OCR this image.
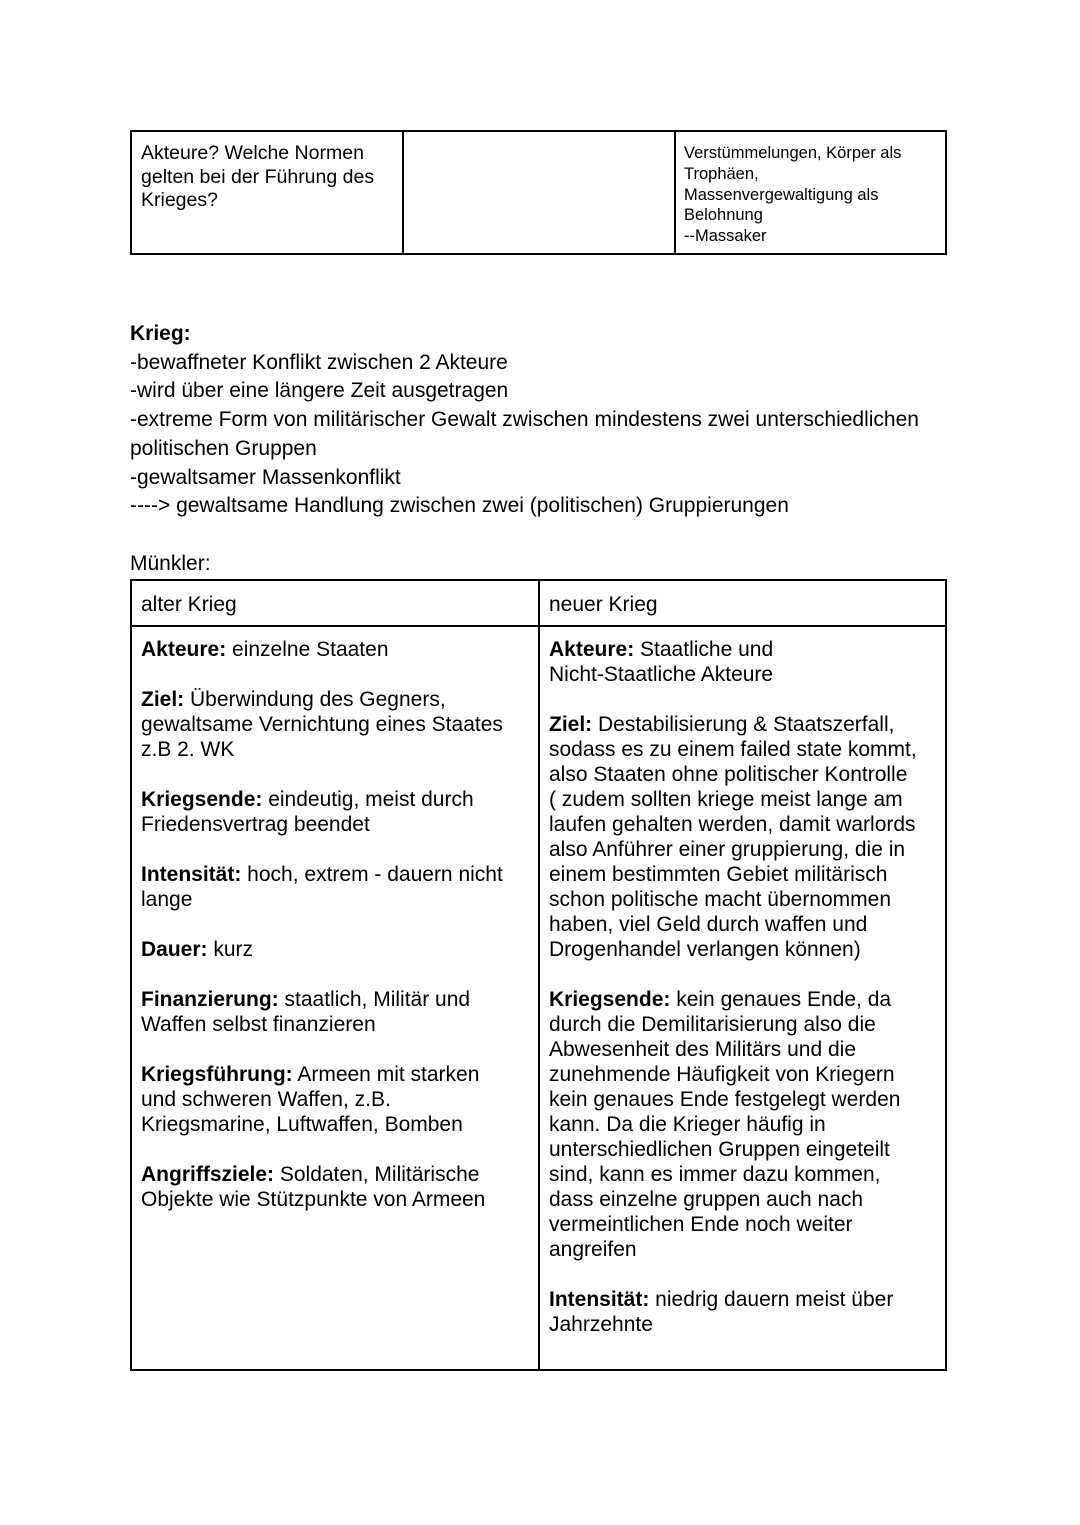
Akteure? Welche Normen
gelten bei der Führung des
Krieges?
Verstümmelungen, Körper als
Trophäen,
Massenvergewaltigung als
Belohnung
--Massaker
Krieg:
-bewaffneter Konflikt zwischen 2 Akteure
-wird über eine längere Zeit ausgetragen
-extreme Form von militärischer Gewalt zwischen mindestens zwei unterschiedlichen
politischen Gruppen
-gewaltsamer Massenkonflikt
----> gewaltsame Handlung zwischen zwei (politischen) Gruppierungen
Münkler:
alter Krieg	neuer Krieg
Akteure: einzelne Staaten
Ziel: Überwindung des Gegners,
gewaltsame Vernichtung eines Staates
z.B 2. WK
Kriegsende: eindeutig, meist durch
Friedensvertrag beendet
Intensität: hoch, extrem - dauern nicht
lange
Dauer: kurz
Finanzierung: staatlich, Militär und
Waffen selbst finanzieren
Kriegsführung: Armeen mit starken
und schweren Waffen, z.B.
Kriegsmarine, Luftwaffen, Bomben
Angriffsziele: Soldaten, Militärische
Objekte wie Stützpunkte von Armeen
Akteure: Staatliche und
Nicht-Staatliche Akteure
Ziel: Destabilisierung & Staatszerfall,
sodass es zu einem failed state kommt,
also Staaten ohne politischer Kontrolle
( zudem sollten kriege meist lange am
laufen gehalten werden, damit warlords
also Anführer einer gruppierung, die in
einem bestimmten Gebiet militärisch
schon politische macht übernommen
haben, viel Geld durch waffen und
Drogenhandel verlangen können)
Kriegsende: kein genaues Ende, da
durch die Demilitarisierung also die
Abwesenheit des Militärs und die
zunehmende Häufigkeit von Kriegern
kein genaues Ende festgelegt werden
kann. Da die Krieger häufig in
unterschiedlichen Gruppen eingeteilt
sind, kann es immer dazu kommen,
dass einzelne gruppen auch nach
vermeintlichen Ende noch weiter
angreifen
Intensität: niedrig dauern meist über
Jahrzehnte
